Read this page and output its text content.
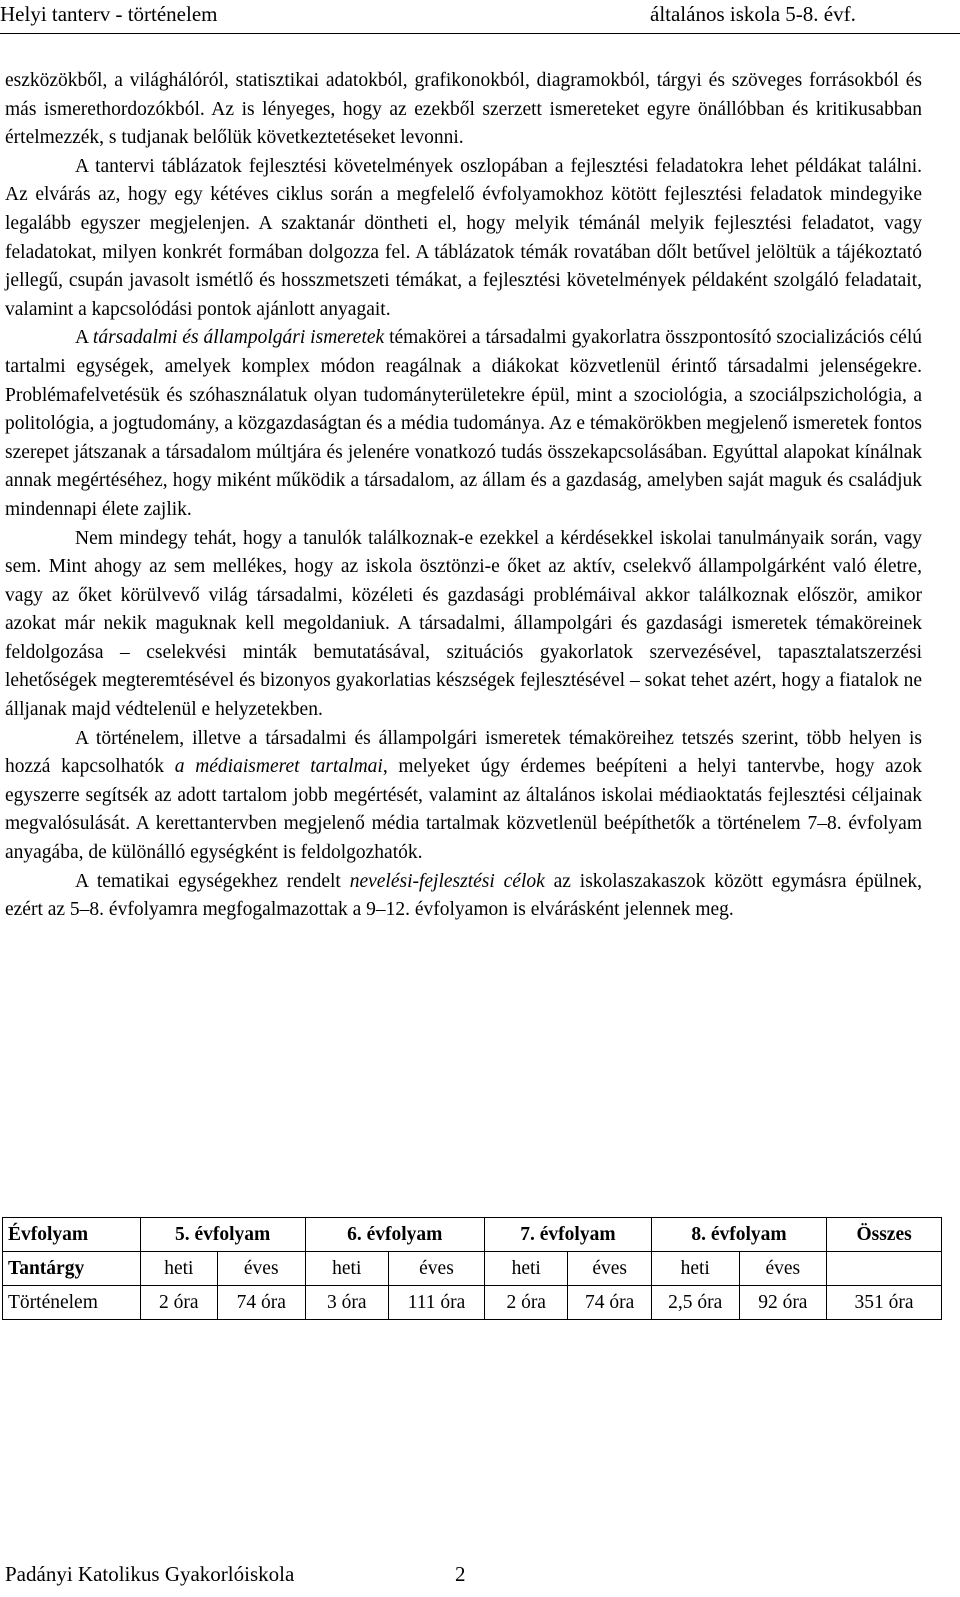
Helyi tanterv - történelem	általános iskola 5-8. évf.

eszközökből, a világhálóról, statisztikai adatokból, grafikonokból, diagramokból, tárgyi és szöveges forrásokból és más ismerethordozókból. Az is lényeges, hogy az ezekből szerzett ismereteket egyre önállóbban és kritikusabban értelmezzék, s tudjanak belőlük következtetéseket levonni.

A tantervi táblázatok fejlesztési követelmények oszlopában a fejlesztési feladatokra lehet példákat találni. Az elvárás az, hogy egy kétéves ciklus során a megfelelő évfolyamokhoz kötött fejlesztési feladatok mindegyike legalább egyszer megjelenjen. A szaktanár döntheti el, hogy melyik témánál melyik fejlesztési feladatot, vagy feladatokat, milyen konkrét formában dolgozza fel. A táblázatok témák rovatában dőlt betűvel jelöltük a tájékoztató jellegű, csupán javasolt ismétlő és hosszmetszeti témákat, a fejlesztési követelmények példaként szolgáló feladatait, valamint a kapcsolódási pontok ajánlott anyagait.

A társadalmi és állampolgári ismeretek témakörei a társadalmi gyakorlatra összpontosító szocializációs célú tartalmi egységek, amelyek komplex módon reagálnak a diákokat közvetlenül érintő társadalmi jelenségekre. Problémafelvetésük és szóhasználatuk olyan tudományterületekre épül, mint a szociológia, a szociálpszichológia, a politológia, a jogtudomány, a közgazdaságtan és a média tudománya. Az e témakörökben megjelenő ismeretek fontos szerepet játszanak a társadalom múltjára és jelenére vonatkozó tudás összekapcsolásában. Egyúttal alapokat kínálnak annak megértéséhez, hogy miként működik a társadalom, az állam és a gazdaság, amelyben saját maguk és családjuk mindennapi élete zajlik.

Nem mindegy tehát, hogy a tanulók találkoznak-e ezekkel a kérdésekkel iskolai tanulmányaik során, vagy sem. Mint ahogy az sem mellékes, hogy az iskola ösztönzi-e őket az aktív, cselekvő állampolgárként való életre, vagy az őket körülvevő világ társadalmi, közéleti és gazdasági problémáival akkor találkoznak először, amikor azokat már nekik maguknak kell megoldaniuk. A társadalmi, állampolgári és gazdasági ismeretek témaköreinek feldolgozása – cselekvési minták bemutatásával, szituációs gyakorlatok szervezésével, tapasztalatszerzési lehetőségek megteremtésével és bizonyos gyakorlatias készségek fejlesztésével – sokat tehet azért, hogy a fiatalok ne álljanak majd védtelenül e helyzetekben.

A történelem, illetve a társadalmi és állampolgári ismeretek témaköreihez tetszés szerint, több helyen is hozzá kapcsolhatók a médiaismeret tartalmai, melyeket úgy érdemes beépíteni a helyi tantervbe, hogy azok egyszerre segítsék az adott tartalom jobb megértését, valamint az általános iskolai médiaoktatás fejlesztési céljainak megvalósulását. A kerettantervben megjelenő média tartalmak közvetlenül beépíthetők a történelem 7–8. évfolyam anyagába, de különálló egységként is feldolgozhatók.

A tematikai egységekhez rendelt nevelési-fejlesztési célok az iskolaszakaszok között egymásra épülnek, ezért az 5–8. évfolyamra megfogalmazottak a 9–12. évfolyamon is elvárásként jelennek meg.

Évfolyam	5. évfolyam		6. évfolyam		7. évfolyam		8. évfolyam		Összes
Tantárgy	heti	éves	heti	éves	heti	éves	heti	éves	
Történelem	2 óra	74 óra	3 óra	111 óra	2 óra	74 óra	2,5 óra	92 óra	351 óra
Padányi Katolikus Gyakorlóiskola	2
